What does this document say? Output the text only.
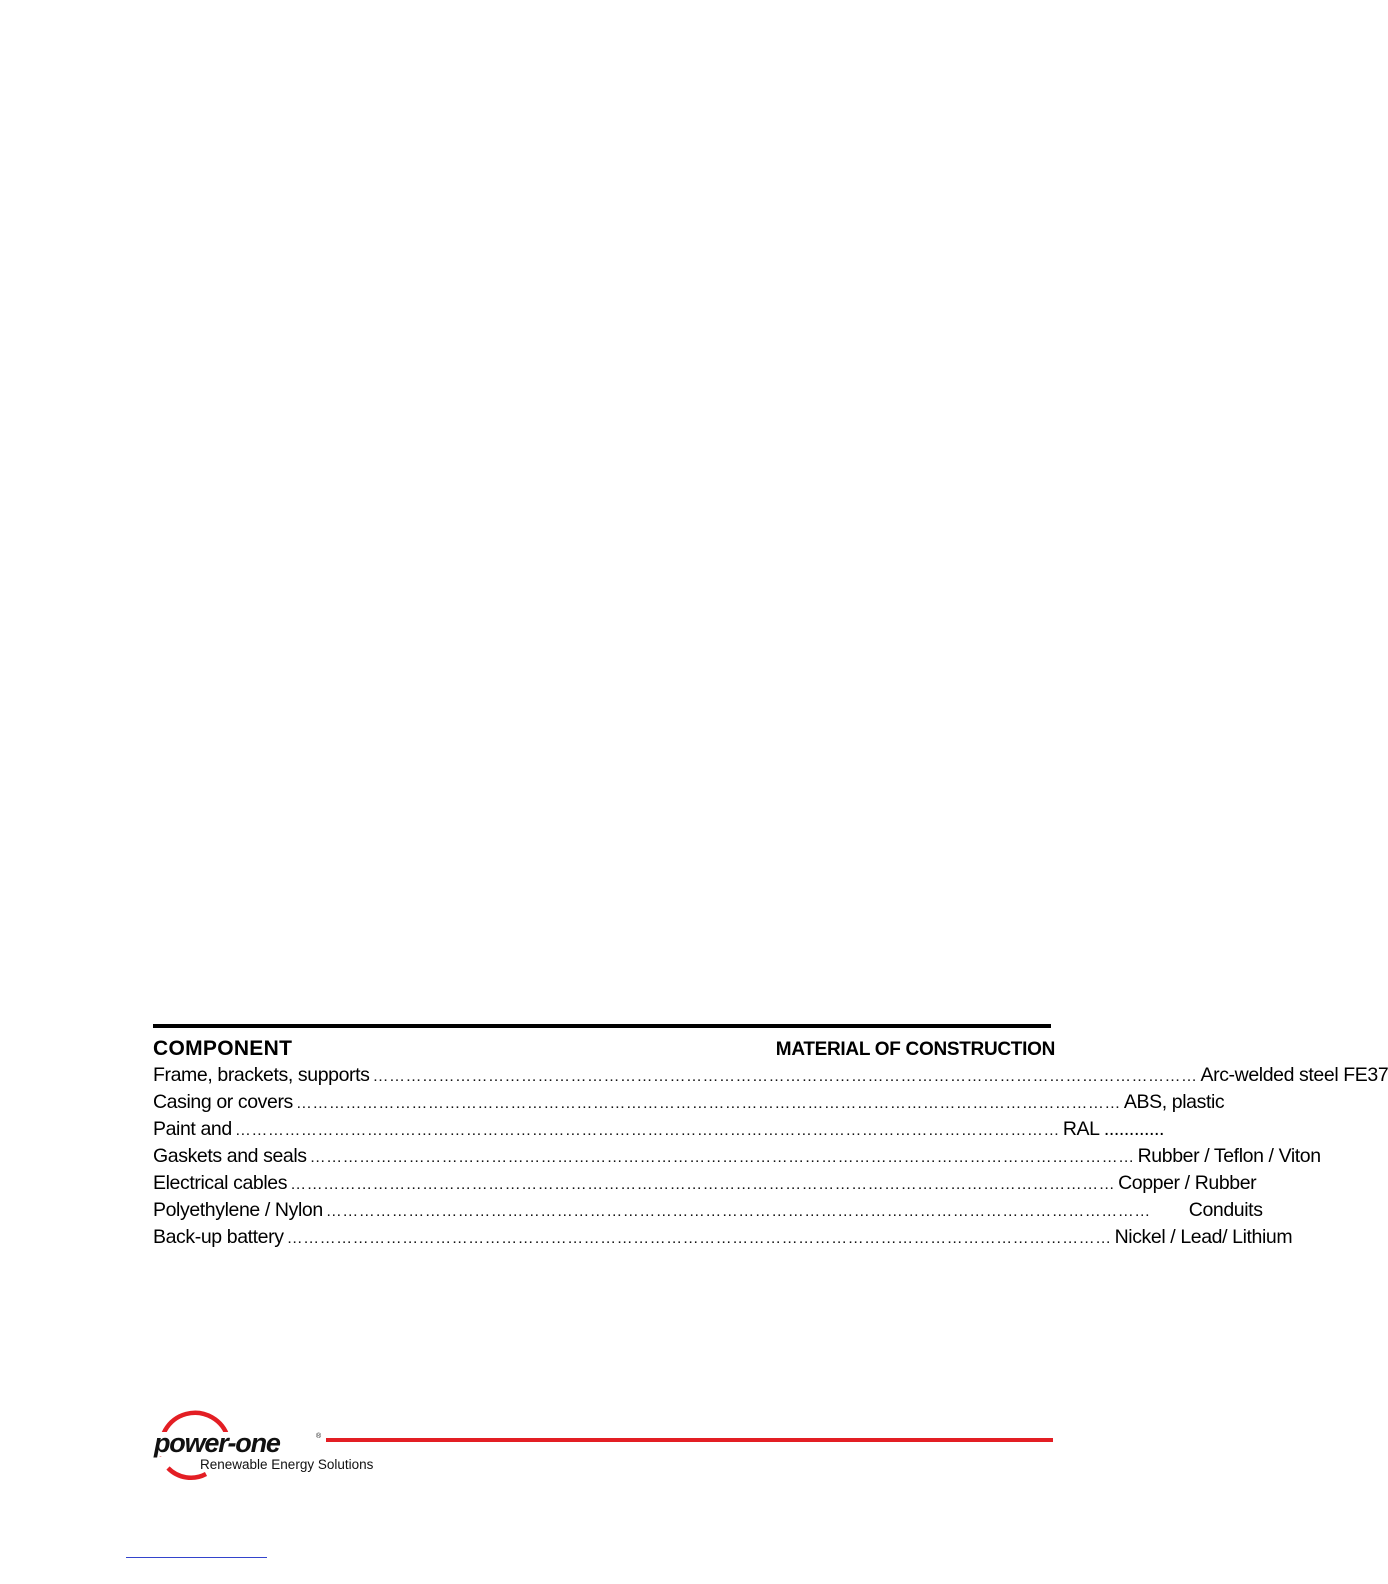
COMPONENT	MATERIAL OF CONSTRUCTION
Frame, brackets, supports …………………………………………………………………………………………………………………………………… Arc-welded steel FE37
Casing or covers …………………………………………………………………………………………………………………………………… ABS, plastic
Paint and …………………………………………………………………………………………………………………………………… RAL ............
Gaskets and seals …………………………………………………………………………………………………………………………………… Rubber / Teflon / Viton
Electrical cables …………………………………………………………………………………………………………………………………… Copper / Rubber
Polyethylene / Nylon …………………………………………………………………………………………………………………………………… Conduits
Back-up battery …………………………………………………………………………………………………………………………………… Nickel / Lead/ Lithium
power-one	®
Renewable Energy Solutions
